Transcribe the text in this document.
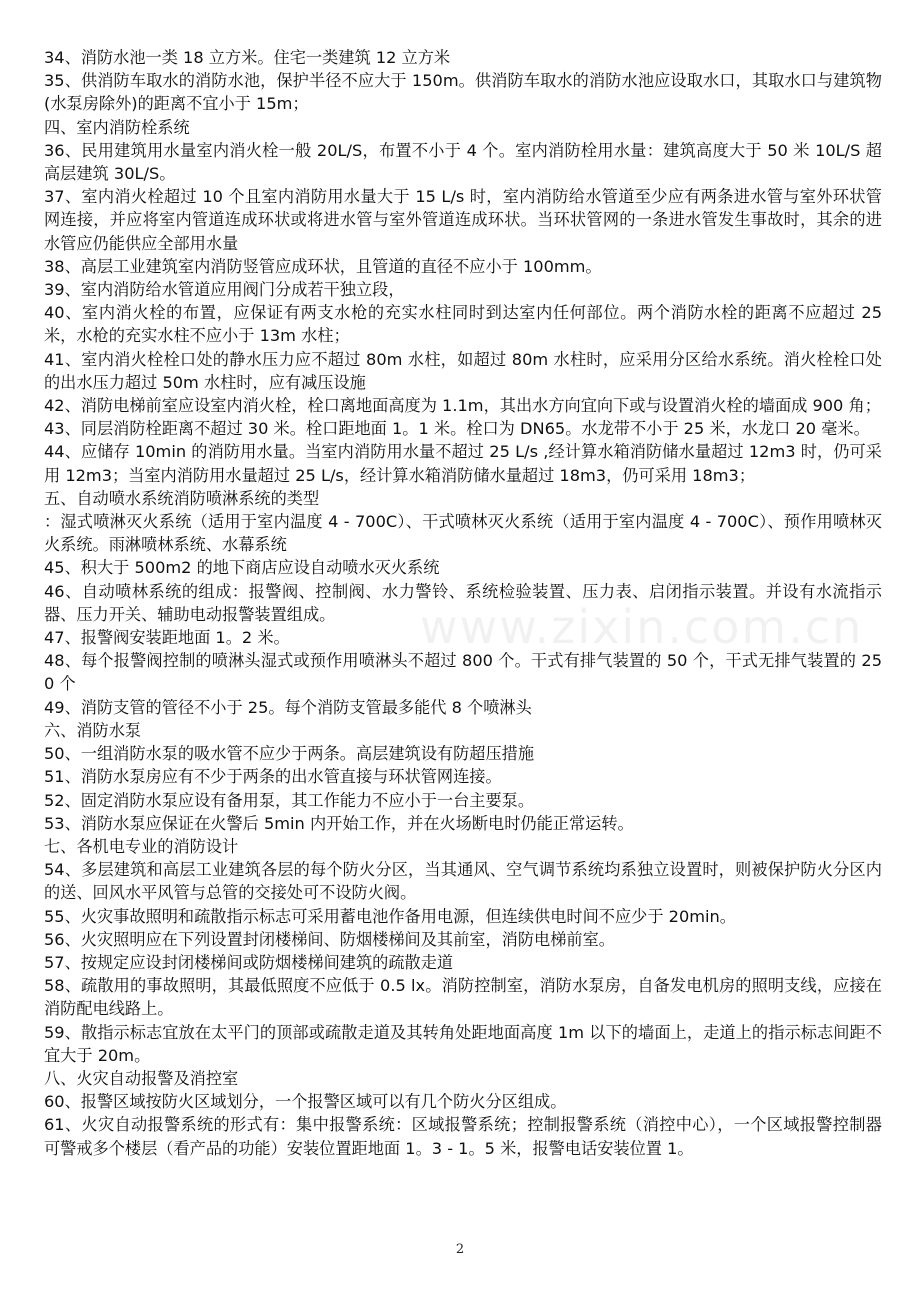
www.zixin.com.cn

34、消防水池一类 18 立方米。住宅一类建筑 12 立方米

35、供消防车取水的消防水池，保护半径不应大于 150m。供消防车取水的消防水池应设取水口，其取水口与建筑物(水泵房除外)的距离不宜小于 15m；

四、室内消防栓系统

36、民用建筑用水量室内消火栓一般 20L/S，布置不小于 4 个。室内消防栓用水量：建筑高度大于 50 米 10L/S 超高层建筑 30L/S。

37、室内消火栓超过 10 个且室内消防用水量大于 15 L/s 时，室内消防给水管道至少应有两条进水管与室外环状管网连接，并应将室内管道连成环状或将进水管与室外管道连成环状。当环状管网的一条进水管发生事故时，其余的进水管应仍能供应全部用水量

38、高层工业建筑室内消防竖管应成环状，且管道的直径不应小于 100mm。

39、室内消防给水管道应用阀门分成若干独立段，

40、室内消火栓的布置，应保证有两支水枪的充实水柱同时到达室内任何部位。两个消防水栓的距离不应超过 25 米，水枪的充实水柱不应小于 13m 水柱；

41、室内消火栓栓口处的静水压力应不超过 80m 水柱，如超过 80m 水柱时，应采用分区给水系统。消火栓栓口处的出水压力超过 50m 水柱时，应有减压设施

42、消防电梯前室应设室内消火栓，栓口离地面高度为 1.1m，其出水方向宜向下或与设置消火栓的墙面成 900 角；

43、同层消防栓距离不超过 30 米。栓口距地面 1。1 米。栓口为 DN65。水龙带不小于 25 米，水龙口 20 毫米。

44、应储存 10min 的消防用水量。当室内消防用水量不超过 25 L/s ,经计算水箱消防储水量超过 12m3 时，仍可采用 12m3；当室内消防用水量超过 25 L/s，经计算水箱消防储水量超过 18m3，仍可采用 18m3；

五、自动喷水系统消防喷淋系统的类型

：湿式喷淋灭火系统（适用于室内温度 4 - 700C）、干式喷林灭火系统（适用于室内温度 4 - 700C）、预作用喷林灭火系统。雨淋喷林系统、水幕系统

45、积大于 500m2 的地下商店应设自动喷水灭火系统

46、自动喷林系统的组成：报警阀、控制阀、水力警铃、系统检验装置、压力表、启闭指示装置。并设有水流指示器、压力开关、辅助电动报警装置组成。

47、报警阀安装距地面 1。2 米。

48、每个报警阀控制的喷淋头湿式或预作用喷淋头不超过 800 个。干式有排气装置的 50 个，干式无排气装置的 250 个

49、消防支管的管径不小于 25。每个消防支管最多能代 8 个喷淋头

六、消防水泵

50、一组消防水泵的吸水管不应少于两条。高层建筑设有防超压措施

51、消防水泵房应有不少于两条的出水管直接与环状管网连接。

52、固定消防水泵应设有备用泵，其工作能力不应小于一台主要泵。

53、消防水泵应保证在火警后 5min 内开始工作，并在火场断电时仍能正常运转。

七、各机电专业的消防设计

54、多层建筑和高层工业建筑各层的每个防火分区，当其通风、空气调节系统均系独立设置时，则被保护防火分区内的送、回风水平风管与总管的交接处可不设防火阀。

55、火灾事故照明和疏散指示标志可采用蓄电池作备用电源，但连续供电时间不应少于 20min。

56、火灾照明应在下列设置封闭楼梯间、防烟楼梯间及其前室，消防电梯前室。

57、按规定应设封闭楼梯间或防烟楼梯间建筑的疏散走道

58、疏散用的事故照明，其最低照度不应低于 0.5 lx。消防控制室，消防水泵房，自备发电机房的照明支线，应接在消防配电线路上。

59、散指示标志宜放在太平门的顶部或疏散走道及其转角处距地面高度 1m 以下的墙面上，走道上的指示标志间距不宜大于 20m。

八、火灾自动报警及消控室

60、报警区域按防火区域划分，一个报警区域可以有几个防火分区组成。

61、火灾自动报警系统的形式有：集中报警系统：区域报警系统；控制报警系统（消控中心），一个区域报警控制器可警戒多个楼层（看产品的功能）安装位置距地面 1。3 - 1。5 米，报警电话安装位置 1。

2
